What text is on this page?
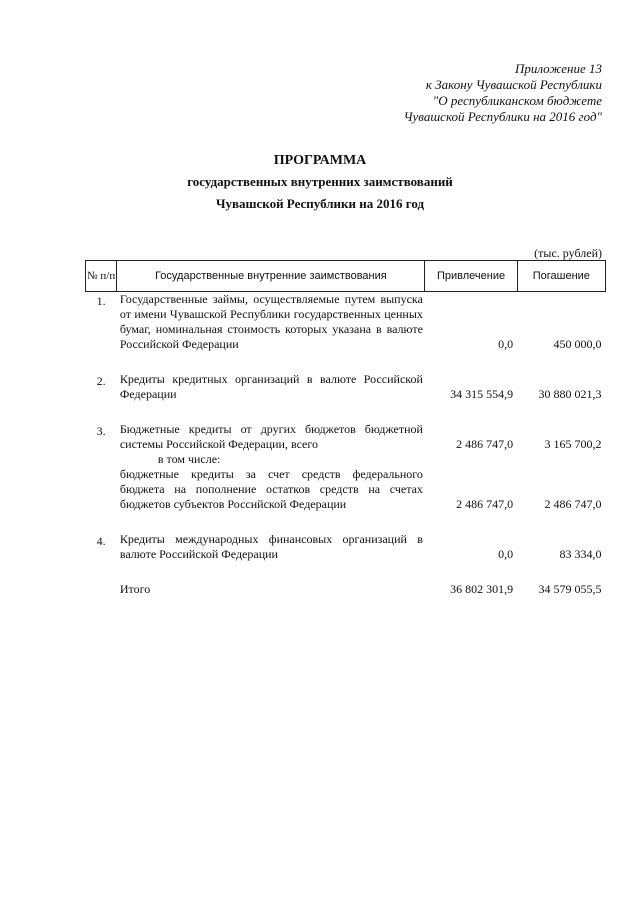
Приложение 13
к Закону Чувашской Республики
"О республиканском бюджете
Чувашской Республики на 2016 год"
ПРОГРАММА
государственных внутренних заимствований
Чувашской Республики на 2016 год
(тыс. рублей)
№ п/п	Государственные внутренние заимствования	Привлечение	Погашение
1.	Государственные займы, осуществляемые путем выпуска от имени Чувашской Республики государственных ценных бумаг, номинальная стоимость которых указана в валюте Российской Федерации	0,0	450 000,0

2.	Кредиты кредитных организаций в валюте Российской Федерации	34 315 554,9	30 880 021,3

3.	Бюджетные кредиты от других бюджетов бюджетной системы Российской Федерации, всего	2 486 747,0	3 165 700,2

	в том числе:		

	бюджетные кредиты за счет средств федерального бюджета на пополнение остатков средств на счетах бюджетов субъектов Российской Федерации	2 486 747,0	2 486 747,0

4.	Кредиты международных финансовых организаций в валюте Российской Федерации	0,0	83 334,0

	Итого	36 802 301,9	34 579 055,5
